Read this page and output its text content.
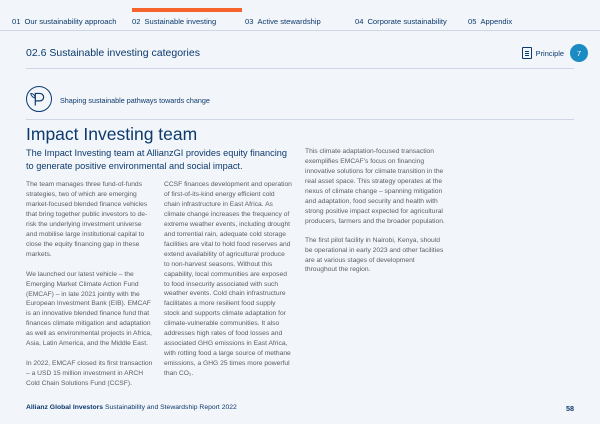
01 Our sustainability approach 02 Sustainable investing	03 Active stewardship	04 Corporate sustainability	05 Appendix
02.6 Sustainable investing categories	Principle	7
Shaping sustainable pathways towards change
Impact Investing team
The Impact Investing team at AllianzGI provides equity financing to generate positive environmental and social impact.

The team manages three fund-of-funds strategies, two of which are emerging market-focused blended finance vehicles that bring together public investors to de-risk the underlying investment universe and mobilise large institutional capital to close the equity financing gap in these markets.

We launched our latest vehicle – the Emerging Market Climate Action Fund (EMCAF) – in late 2021 jointly with the European Investment Bank (EIB). EMCAF is an innovative blended finance fund that finances climate mitigation and adaptation as well as environmental projects in Africa, Asia, Latin America, and the Middle East.

In 2022, EMCAF closed its first transaction – a USD 15 million investment in ARCH Cold Chain Solutions Fund (CCSF).

CCSF finances development and operation of first-of-its-kind energy efficient cold chain infrastructure in East Africa. As climate change increases the frequency of extreme weather events, including drought and torrential rain, adequate cold storage facilities are vital to hold food reserves and extend availability of agricultural produce to non-harvest seasons. Without this capability, local communities are exposed to food insecurity associated with such weather events. Cold chain infrastructure facilitates a more resilient food supply stock and supports climate adaptation for climate-vulnerable communities. It also addresses high rates of food losses and associated GHG emissions in East Africa, with rotting food a large source of methane emissions, a GHG 25 times more powerful than CO₂.

This climate adaptation-focused transaction exemplifies EMCAF's focus on financing innovative solutions for climate transition in the real asset space. This strategy operates at the nexus of climate change – spanning mitigation and adaptation, food security and health with strong positive impact expected for agricultural producers, farmers and the broader population.

The first pilot facility in Nairobi, Kenya, should be operational in early 2023 and other facilities are at various stages of development throughout the region.

Allianz Global Investors Sustainability and Stewardship Report 2022	58
